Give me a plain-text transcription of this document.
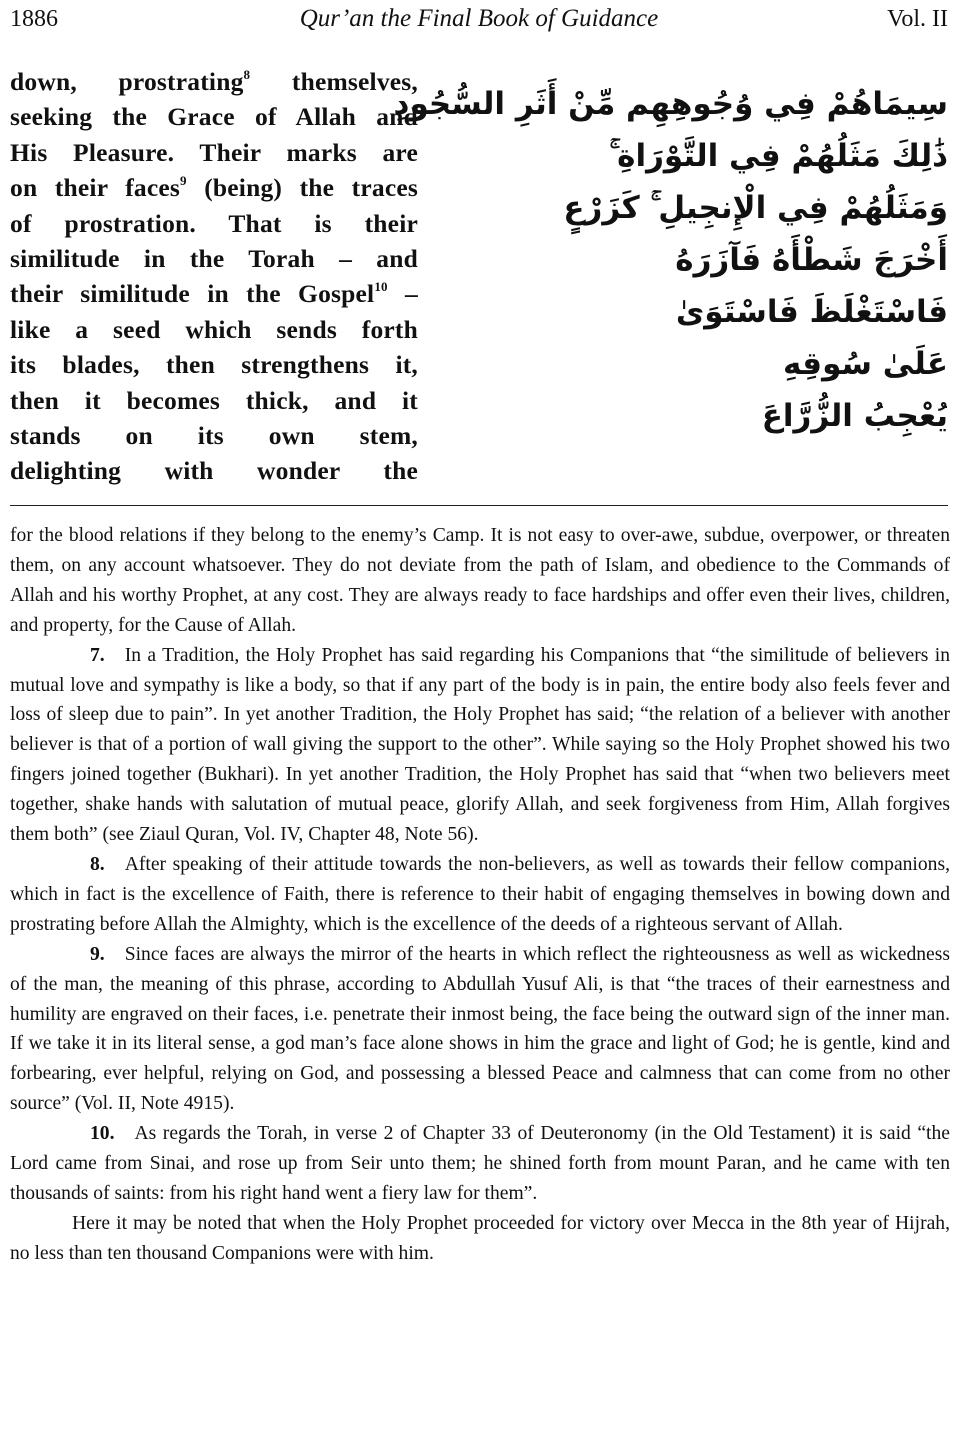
1886	Qur’an the Final Book of Guidance	Vol. II
down, prostrating$^8$ themselves,
seeking the Grace of Allah and
His Pleasure. Their marks are
on their faces$^9$ (being) the traces
of prostration. That is their
similitude in the Torah – and
their similitude in the Gospel$^{10}$ –
like a seed which sends forth
its blades, then strengthens it,
then it becomes thick, and it
stands on its own stem,
delighting with wonder the
سِيمَاهُمْ فِي وُجُوهِهِم مِّنْ أَثَرِ السُّجُودِ
ذَٰلِكَ مَثَلُهُمْ فِي التَّوْرَاةِ ۚ
وَمَثَلُهُمْ فِي الْإِنجِيلِ ۚ كَزَرْعٍ
أَخْرَجَ شَطْأَهُ فَآزَرَهُ
فَاسْتَغْلَظَ فَاسْتَوَىٰ
عَلَىٰ سُوقِهِ
يُعْجِبُ الزُّرَّاعَ

for the blood relations if they belong to the enemy’s Camp. It is not easy to over-awe, subdue, overpower, or threaten them, on any account whatsoever. They do not deviate from the path of Islam, and obedience to the Commands of Allah and his worthy Prophet, at any cost. They are always ready to face hardships and offer even their lives, children, and property, for the Cause of Allah.

7. In a Tradition, the Holy Prophet has said regarding his Companions that “the similitude of believers in mutual love and sympathy is like a body, so that if any part of the body is in pain, the entire body also feels fever and loss of sleep due to pain”. In yet another Tradition, the Holy Prophet has said; “the relation of a believer with another believer is that of a portion of wall giving the support to the other”. While saying so the Holy Prophet showed his two fingers joined together (Bukhari). In yet another Tradition, the Holy Prophet has said that “when two believers meet together, shake hands with salutation of mutual peace, glorify Allah, and seek forgiveness from Him, Allah forgives them both” (see Ziaul Quran, Vol. IV, Chapter 48, Note 56).

8. After speaking of their attitude towards the non-believers, as well as towards their fellow companions, which in fact is the excellence of Faith, there is reference to their habit of engaging themselves in bowing down and prostrating before Allah the Almighty, which is the excellence of the deeds of a righteous servant of Allah.

9. Since faces are always the mirror of the hearts in which reflect the righteousness as well as wickedness of the man, the meaning of this phrase, according to Abdullah Yusuf Ali, is that “the traces of their earnestness and humility are engraved on their faces, i.e. penetrate their inmost being, the face being the outward sign of the inner man. If we take it in its literal sense, a god man’s face alone shows in him the grace and light of God; he is gentle, kind and forbearing, ever helpful, relying on God, and possessing a blessed Peace and calmness that can come from no other source” (Vol. II, Note 4915).

10. As regards the Torah, in verse 2 of Chapter 33 of Deuteronomy (in the Old Testament) it is said “the Lord came from Sinai, and rose up from Seir unto them; he shined forth from mount Paran, and he came with ten thousands of saints: from his right hand went a fiery law for them”.

Here it may be noted that when the Holy Prophet proceeded for victory over Mecca in the 8th year of Hijrah, no less than ten thousand Companions were with him.
